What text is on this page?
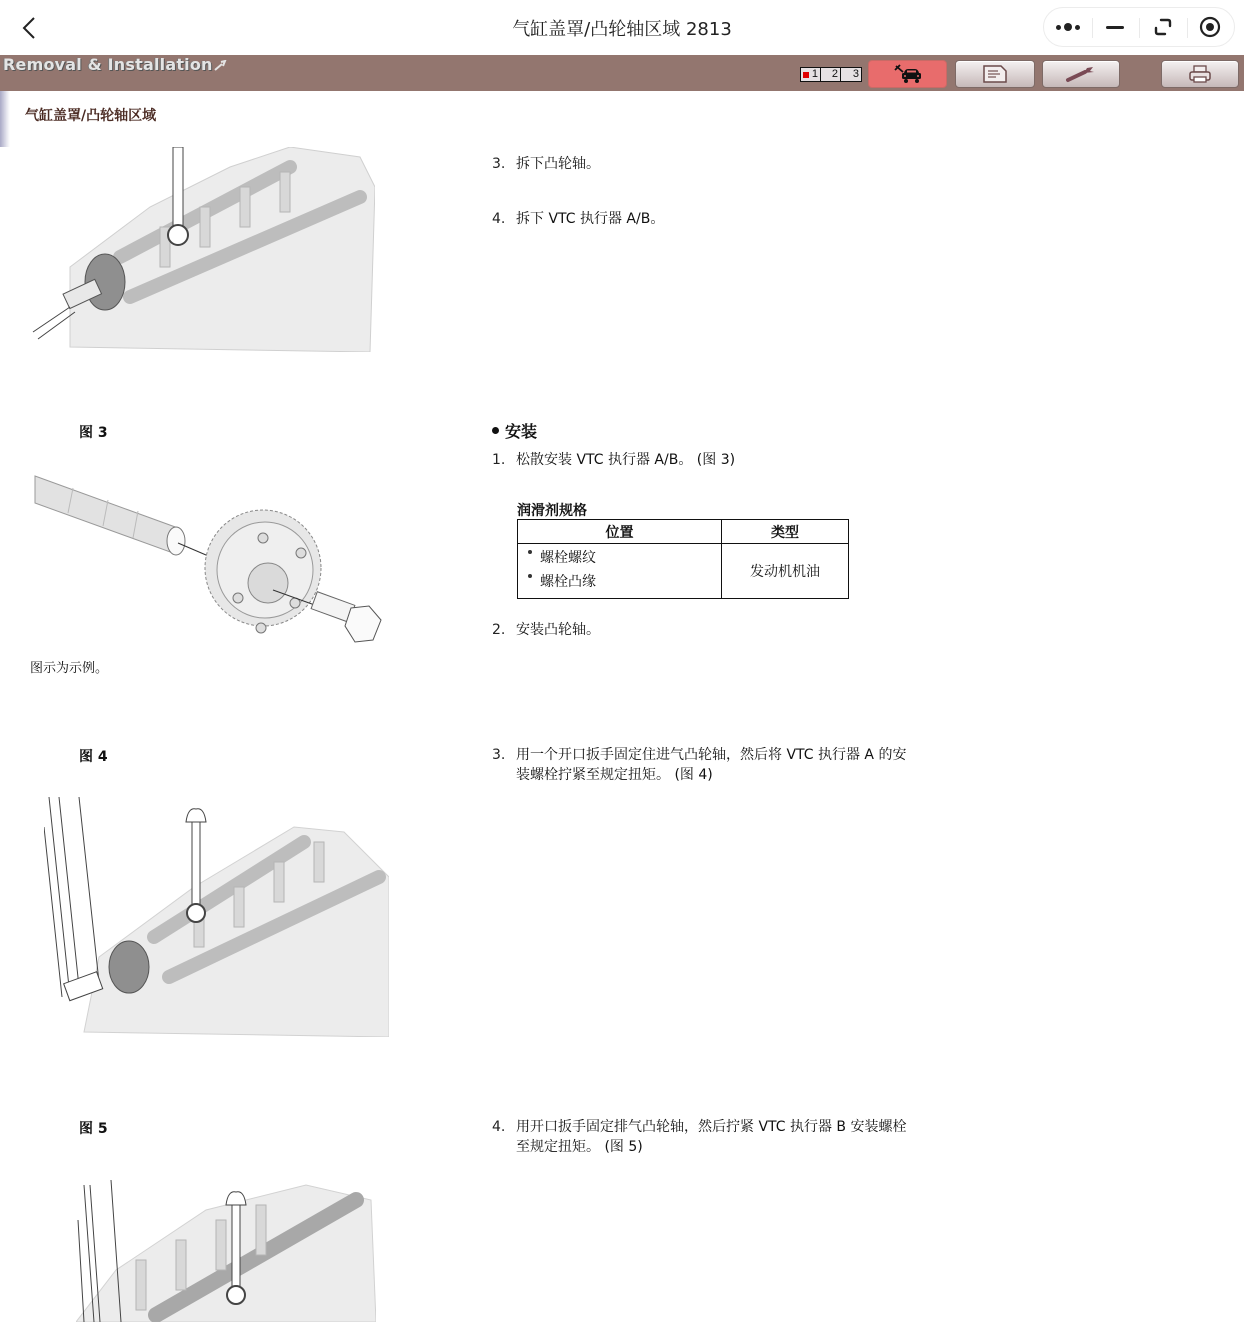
气缸盖罩/凸轮轴区域 2813
Removal & Installation	1	2	3
气缸盖罩/凸轮轴区域
3. 拆下凸轮轴。
4. 拆下 VTC 执行器 A/B。
图 3
图示为示例。
安装
1. 松散安装 VTC 执行器 A/B。 (图 3)
润滑剂规格
位置	类型

螺栓螺纹
螺栓凸缘	发动机机油
2. 安装凸轮轴。
图 4	3. 用一个开口扳手固定住进气凸轮轴，然后将 VTC 执行器 A 的安装螺栓拧紧至规定扭矩。 (图 4)
图 5	4. 用开口扳手固定排气凸轮轴，然后拧紧 VTC 执行器 B 安装螺栓至规定扭矩。 (图 5)
